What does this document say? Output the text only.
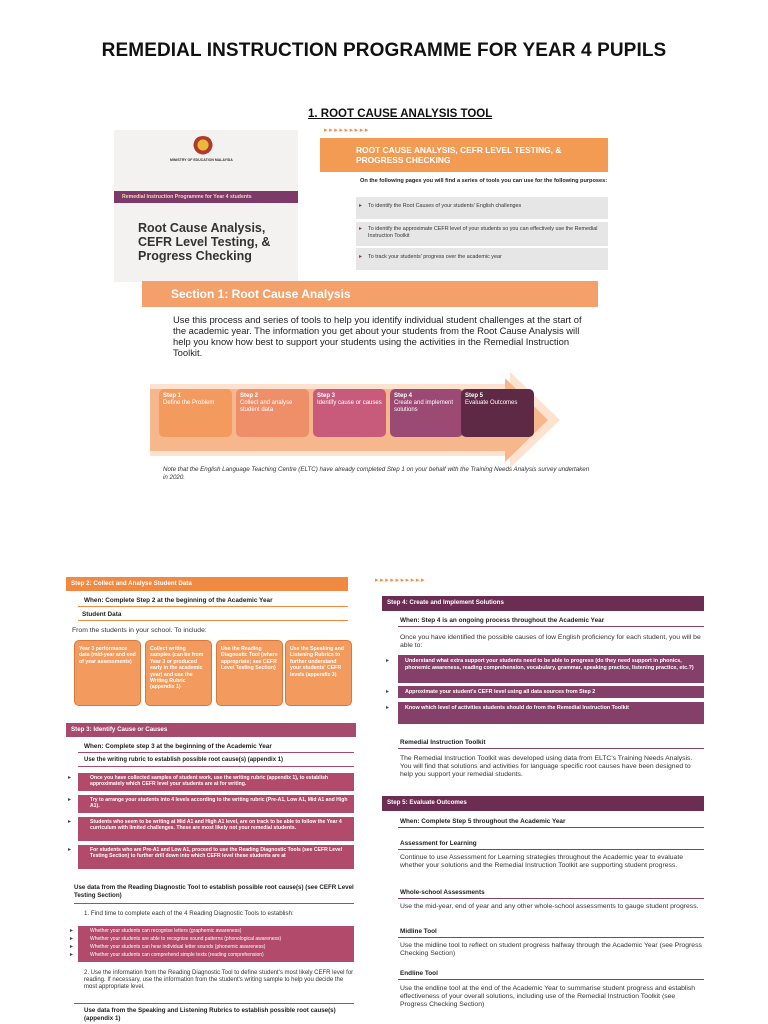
REMEDIAL INSTRUCTION PROGRAMME FOR YEAR 4 PUPILS
1. ROOT CAUSE ANALYSIS TOOL
MINISTRY OF EDUCATION MALAYSIA
Remedial Instruction Programme for Year 4 students
Root Cause Analysis, CEFR Level Testing, & Progress Checking
▸▸▸▸▸▸▸▸▸
ROOT CAUSE ANALYSIS, CEFR LEVEL TESTING, & PROGRESS CHECKING
On the following pages you will find a series of tools you can use for the following purposes:
▸ To identify the Root Causes of your students' English challenges
▸ To identify the approximate CEFR level of your students so you can effectively use the Remedial Instruction Toolkit
▸ To track your students' progress over the academic year
Section 1: Root Cause Analysis
Use this process and series of tools to help you identify individual student challenges at the start of the academic year. The information you get about your students from the Root Cause Analysis will help you know how best to support your students using the activities in the Remedial Instruction Toolkit.
Step 1
Define the Problem
Step 2
Collect and analyse student data
Step 3
Identify cause or causes
Step 4
Create and implement solutions
Step 5
Evaluate Outcomes
Note that the English Language Teaching Centre (ELTC) have already completed Step 1 on your behalf with the Training Needs Analysis survey undertaken in 2020.
Step 2: Collect and Analyse Student Data
When: Complete Step 2 at the beginning of the Academic Year
Student Data
From the students in your school. To include:
Year 3 performance data (mid-year and end of year assessments)
Collect writing samples (can be from Year 3 or produced early in the academic year) and use the Writing Rubric (appendix 1)
Use the Reading Diagnostic Tool (where appropriate; see CEFR Level Testing Section)
Use the Speaking and Listening Rubrics to further understand your students' CEFR levels (appendix 3)
Step 3: Identify Cause or Causes
When: Complete step 3 at the beginning of the Academic Year
Use the writing rubric to establish possible root cause(s) (appendix 1)
▸ Once you have collected samples of student work, use the writing rubric (appendix 1), to establish approximately which CEFR level your students are at for writing.
▸ Try to arrange your students into 4 levels according to the writing rubric (Pre-A1, Low A1, Mid A1 and High A1).
▸ Students who seem to be writing at Mid A1 and High A1 level, are on track to be able to follow the Year 4 curriculum with limited challenges. These are most likely not your remedial students.
▸ For students who are Pre-A1 and Low A1, proceed to use the Reading Diagnostic Tools (see CEFR Level Testing Section) to further drill down into which CEFR level these students are at
Use data from the Reading Diagnostic Tool to establish possible root cause(s) (see CEFR Level Testing Section)
1. Find time to complete each of the 4 Reading Diagnostic Tools to establish:
▸ Whether your students can recognise letters (graphemic awareness)
▸ Whether your students are able to recognise sound patterns (phonological awareness)
▸ Whether your students can hear individual letter sounds (phonemic awareness)
▸ Whether your students can comprehend simple texts (reading comprehension)
2. Use the information from the Reading Diagnostic Tool to define student's most likely CEFR level for reading. If necessary, use the information from the student's writing sample to help you decide the most appropriate level.
Use data from the Speaking and Listening Rubrics to establish possible root cause(s) (appendix 1)
▸▸▸▸▸▸▸▸▸▸
Step 4: Create and Implement Solutions
When: Step 4 is an ongoing process throughout the Academic Year
Once you have identified the possible causes of low English proficiency for each student, you will be able to:
▸ Understand what extra support your students need to be able to progress (do they need support in phonics, phonemic awareness, reading comprehension, vocabulary, grammar, speaking practice, listening practice, etc.?)
▸ Approximate your student's CEFR level using all data sources from Step 2
▸ Know which level of activities students should do from the Remedial Instruction Toolkit
Remedial Instruction Toolkit
The Remedial Instruction Toolkit was developed using data from ELTC's Training Needs Analysis. You will find that solutions and activities for language specific root causes have been designed to help you support your remedial students.
Step 5: Evaluate Outcomes
When: Complete Step 5 throughout the Academic Year
Assessment for Learning
Continue to use Assessment for Learning strategies throughout the Academic year to evaluate whether your solutions and the Remedial Instruction Toolkit are supporting student progress.
Whole-school Assessments
Use the mid-year, end of year and any other whole-school assessments to gauge student progress.
Midline Tool
Use the midline tool to reflect on student progress halfway through the Academic Year (see Progress Checking Section)
Endline Tool
Use the endline tool at the end of the Academic Year to summarise student progress and establish effectiveness of your overall solutions, including use of the Remedial Instruction Toolkit (see Progress Checking Section)
